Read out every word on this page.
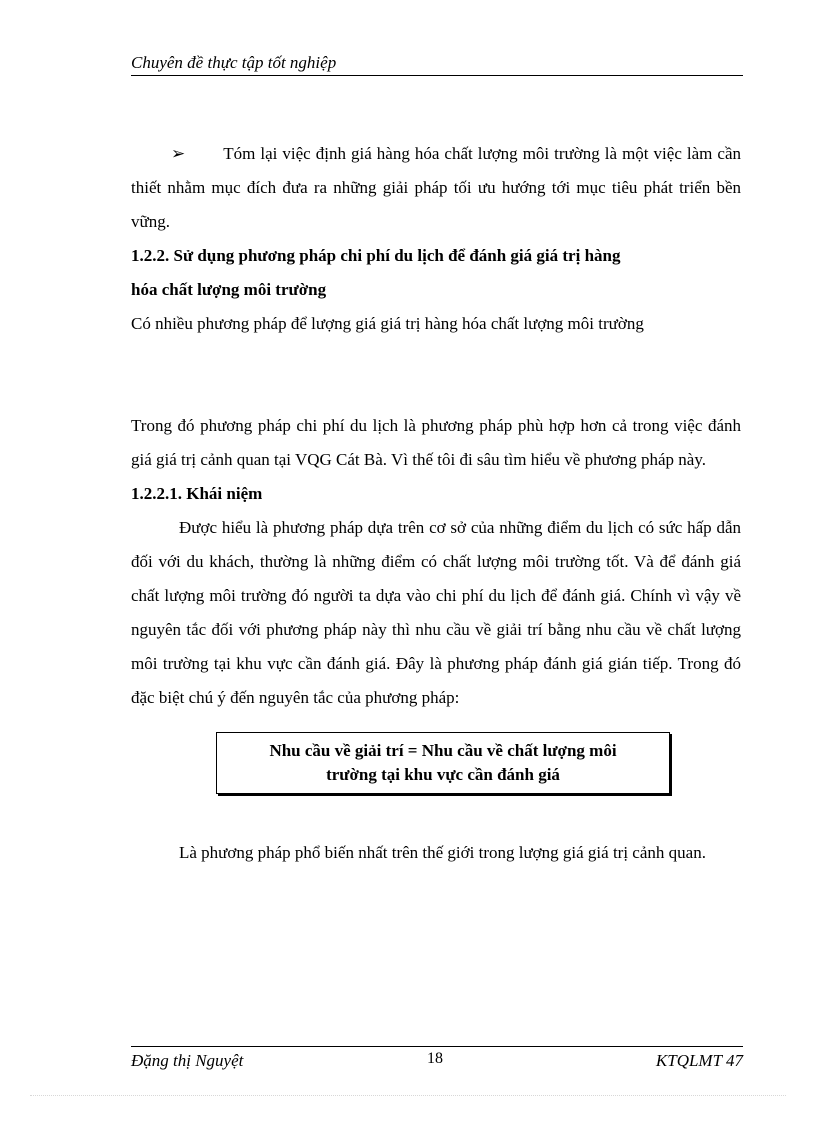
Chuyên đề thực tập tốt nghiệp

➢ Tóm lại việc định giá hàng hóa chất lượng môi trường là một việc làm cần thiết nhằm mục đích đưa ra những giải pháp tối ưu hướng tới mục tiêu phát triển bền vững.

1.2.2. Sử dụng phương pháp chi phí du lịch để đánh giá giá trị hàng

hóa chất lượng môi trường

Có nhiều phương pháp để lượng giá giá trị hàng hóa chất lượng môi trường

Trong đó phương pháp chi phí du lịch là phương pháp phù hợp hơn cả trong việc đánh giá giá trị cảnh quan tại VQG Cát Bà. Vì thế tôi đi sâu tìm hiểu về phương pháp này.

1.2.2.1. Khái niệm

Được hiểu là phương pháp dựa trên cơ sở của những điểm du lịch có sức hấp dẫn đối với du khách, thường là những điểm có chất lượng môi trường tốt. Và để đánh giá chất lượng môi trường đó người ta dựa vào chi phí du lịch để đánh giá. Chính vì vậy về nguyên tắc đối với phương pháp này thì nhu cầu về giải trí bằng nhu cầu về chất lượng môi trường tại khu vực cần đánh giá. Đây là phương pháp đánh giá gián tiếp. Trong đó đặc biệt chú ý đến nguyên tắc của phương pháp:

Nhu cầu về giải trí = Nhu cầu về chất lượng môi
trường tại khu vực cần đánh giá

Là phương pháp phổ biến nhất trên thế giới trong lượng giá giá trị cảnh quan.

Đặng thị Nguyệt	18	KTQLMT 47
